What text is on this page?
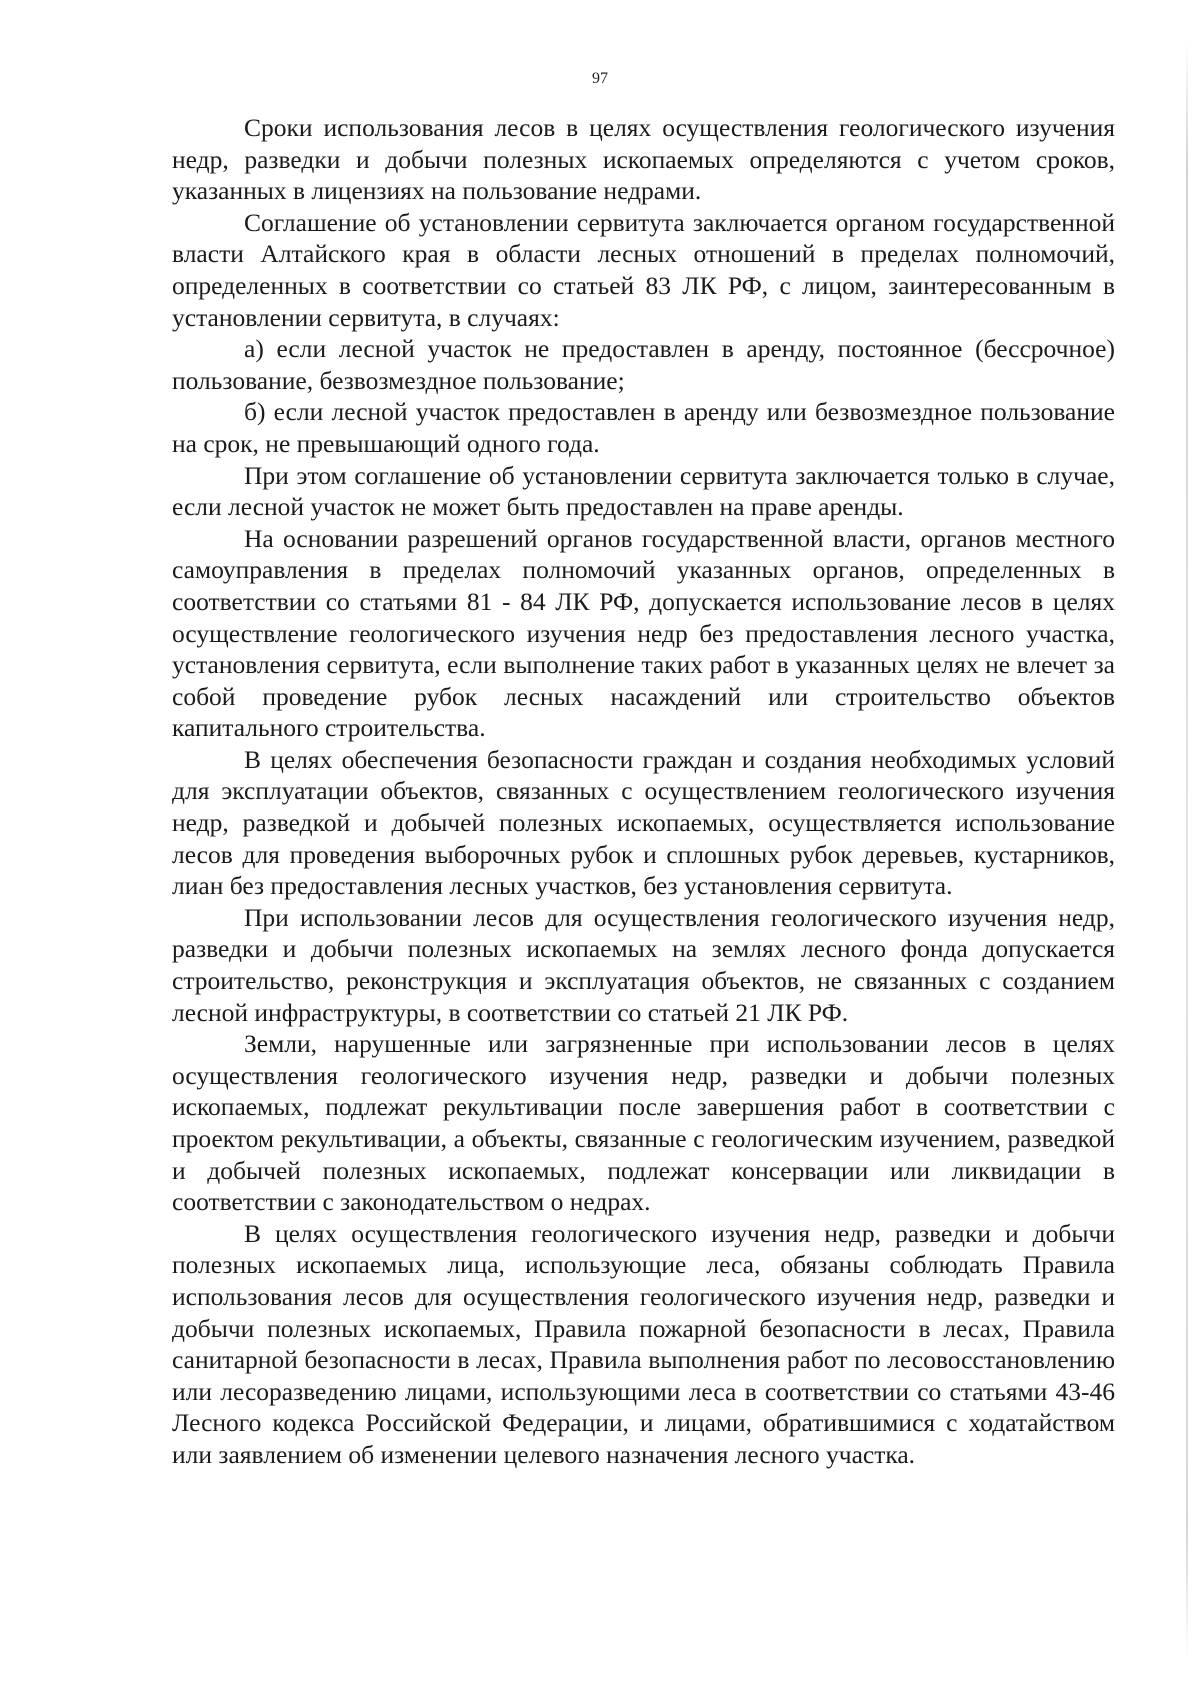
97

Сроки использования лесов в целях осуществления геологического изучения недр, разведки и добычи полезных ископаемых определяются с учетом сроков, указанных в лицензиях на пользование недрами.

Соглашение об установлении сервитута заключается органом государственной власти Алтайского края в области лесных отношений в пределах полномочий, определенных в соответствии со статьей 83 ЛК РФ, с лицом, заинтересованным в установлении сервитута, в случаях:

а) если лесной участок не предоставлен в аренду, постоянное (бессрочное) пользование, безвозмездное пользование;

б) если лесной участок предоставлен в аренду или безвозмездное пользование на срок, не превышающий одного года.

При этом соглашение об установлении сервитута заключается только в случае, если лесной участок не может быть предоставлен на праве аренды.

На основании разрешений органов государственной власти, органов местного самоуправления в пределах полномочий указанных органов, определенных в соответствии со статьями 81 - 84 ЛК РФ, допускается использование лесов в целях осуществление геологического изучения недр без предоставления лесного участка, установления сервитута, если выполнение таких работ в указанных целях не влечет за собой проведение рубок лесных насаждений или строительство объектов капитального строительства.

В целях обеспечения безопасности граждан и создания необходимых условий для эксплуатации объектов, связанных с осуществлением геологического изучения недр, разведкой и добычей полезных ископаемых, осуществляется использование лесов для проведения выборочных рубок и сплошных рубок деревьев, кустарников, лиан без предоставления лесных участков, без установления сервитута.

При использовании лесов для осуществления геологического изучения недр, разведки и добычи полезных ископаемых на землях лесного фонда допускается строительство, реконструкция и эксплуатация объектов, не связанных с созданием лесной инфраструктуры, в соответствии со статьей 21 ЛК РФ.

Земли, нарушенные или загрязненные при использовании лесов в целях осуществления геологического изучения недр, разведки и добычи полезных ископаемых, подлежат рекультивации после завершения работ в соответствии с проектом рекультивации, а объекты, связанные с геологическим изучением, разведкой и добычей полезных ископаемых, подлежат консервации или ликвидации в соответствии с законодательством о недрах.

В целях осуществления геологического изучения недр, разведки и добычи полезных ископаемых лица, использующие леса, обязаны соблюдать Правила использования лесов для осуществления геологического изучения недр, разведки и добычи полезных ископаемых, Правила пожарной безопасности в лесах, Правила санитарной безопасности в лесах, Правила выполнения работ по лесовосстановлению или лесоразведению лицами, использующими леса в соответствии со статьями 43-46 Лесного кодекса Российской Федерации, и лицами, обратившимися с ходатайством или заявлением об изменении целевого назначения лесного участка.
